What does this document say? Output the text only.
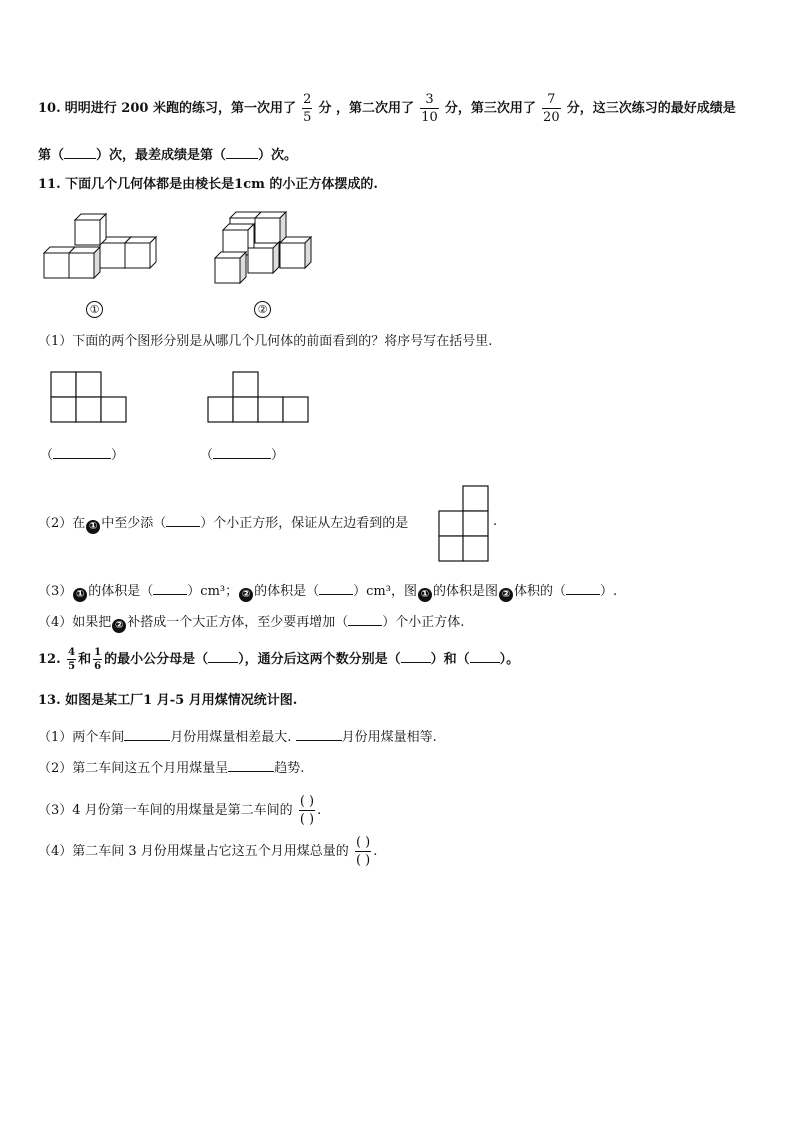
10. 明明进行 200 米跑的练习，第一次用了 $\frac{2}{5}$ 分 ，第二次用了 $\frac{3}{10}$ 分，第三次用了 $\frac{7}{20}$ 分，这三次练习的最好成绩是
第（ ）次，最差成绩是第（ ）次。
11. 下面几个几何体都是由棱长是1cm 的小正方体摆成的.
①	②
（1）下面的两个图形分别是从哪几个几何体的前面看到的？将序号写在括号里.
（	）	（	）
（2）在 ① 中至少添（	）个小正方形，保证从左边看到的是	.
（3） ① 的体积是（	）cm³； ② 的体积是（	）cm³，图 ① 的体积是图 ② 体积的（	）.
（4）如果把 ② 补搭成一个大正方体，至少要再增加（	）个小正方体.
12. $\frac{4}{5}$ 和 $\frac{1}{6}$ 的最小公分母是（ ），通分后这两个数分别是（ ）和（ ）。
13. 如图是某工厂1 月-5 月用煤情况统计图.
（1）两个车间	月份用煤量相差最大.	月份用煤量相等.
（2）第二车间这五个月用煤量呈	趋势.
（3）4 月份第一车间的用煤量是第二车间的 $\frac{( )}{( )}$ .
（4）第二车间 3 月份用煤量占它这五个月用煤总量的 $\frac{( )}{( )}$ .
